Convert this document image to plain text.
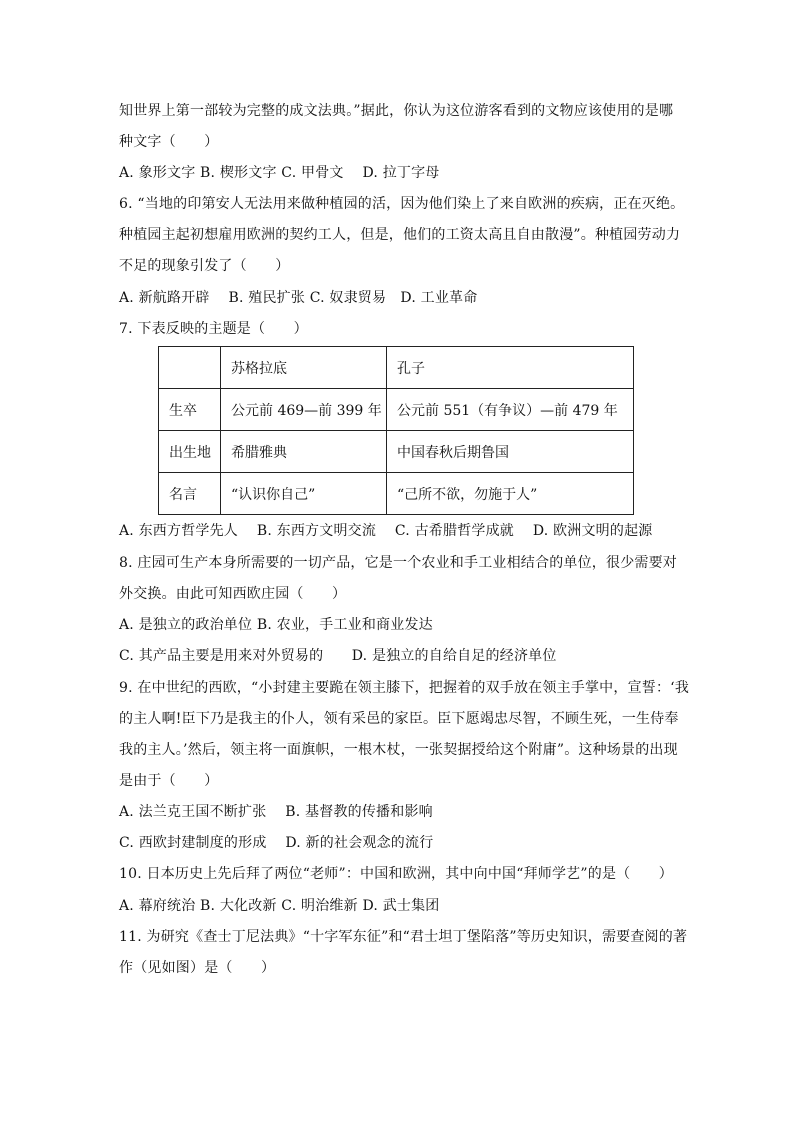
知世界上第一部较为完整的成文法典。”据此，你认为这位游客看到的文物应该使用的是哪
种文字（　　）
A. 象形文字 B. 楔形文字 C. 甲骨文　 D. 拉丁字母
6. “当地的印第安人无法用来做种植园的活，因为他们染上了来自欧洲的疾病，正在灭绝。
种植园主起初想雇用欧洲的契约工人，但是，他们的工资太高且自由散漫”。种植园劳动力
不足的现象引发了（　　）
A. 新航路开辟　 B. 殖民扩张 C. 奴隶贸易　D. 工业革命
7. 下表反映的主题是（　　）
	苏格拉底	孔子
生卒	公元前 469—前 399 年	公元前 551（有争议）—前 479 年
出生地	希腊雅典	中国春秋后期鲁国
名言	“认识你自己”	“己所不欲，勿施于人”
A. 东西方哲学先人　 B. 东西方文明交流　 C. 古希腊哲学成就　 D. 欧洲文明的起源
8. 庄园可生产本身所需要的一切产品，它是一个农业和手工业相结合的单位，很少需要对
外交换。由此可知西欧庄园（　　）
A. 是独立的政治单位 B. 农业，手工业和商业发达
C. 其产品主要是用来对外贸易的　　D. 是独立的自给自足的经济单位
9. 在中世纪的西欧，“小封建主要跪在领主膝下，把握着的双手放在领主手掌中，宣誓：‘我
的主人啊!臣下乃是我主的仆人，领有采邑的家臣。臣下愿竭忠尽智，不顾生死，一生侍奉
我的主人。’然后，领主将一面旗帜，一根木杖，一张契据授给这个附庸”。这种场景的出现
是由于（　　）
A. 法兰克王国不断扩张　 B. 基督教的传播和影响
C. 西欧封建制度的形成　 D. 新的社会观念的流行
10. 日本历史上先后拜了两位“老师”：中国和欧洲，其中向中国“拜师学艺”的是（　　）
A. 幕府统治 B. 大化改新 C. 明治维新 D. 武士集团
11. 为研究《查士丁尼法典》“十字军东征”和“君士坦丁堡陷落”等历史知识，需要查阅的著
作（见如图）是（　　）
